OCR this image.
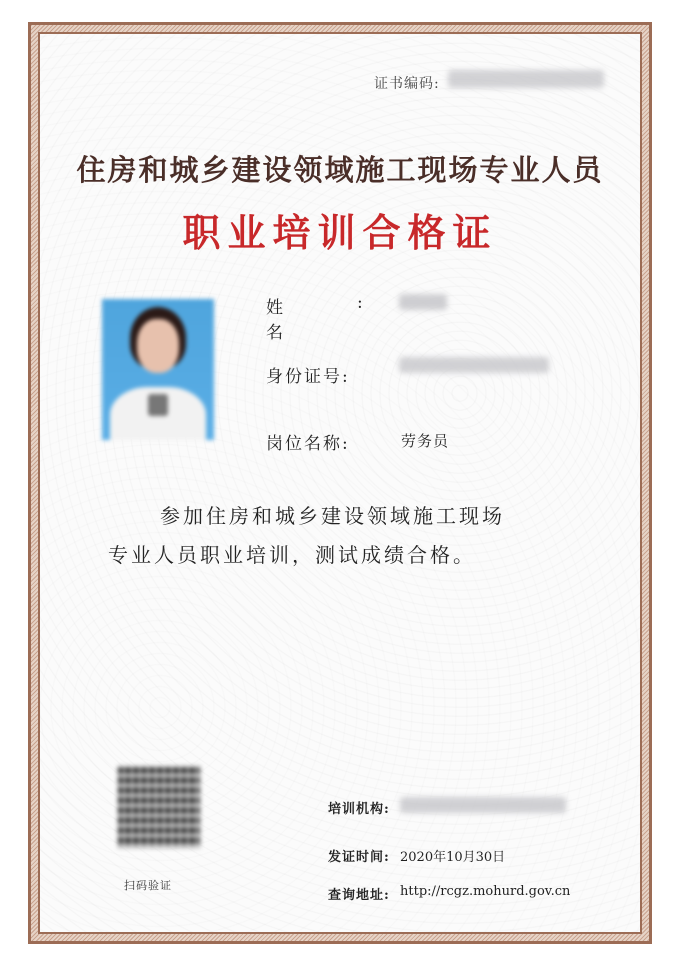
证书编码:
住房和城乡建设领域施工现场专业人员
职业培训合格证
姓 名
:
身份证号:
岗位名称:	劳务员
参加住房和城乡建设领域施工现场
专业人员职业培训，测试成绩合格。
扫码验证
培训机构:
发证时间: 2020年10月30日
查询地址: http://rcgz.mohurd.gov.cn
